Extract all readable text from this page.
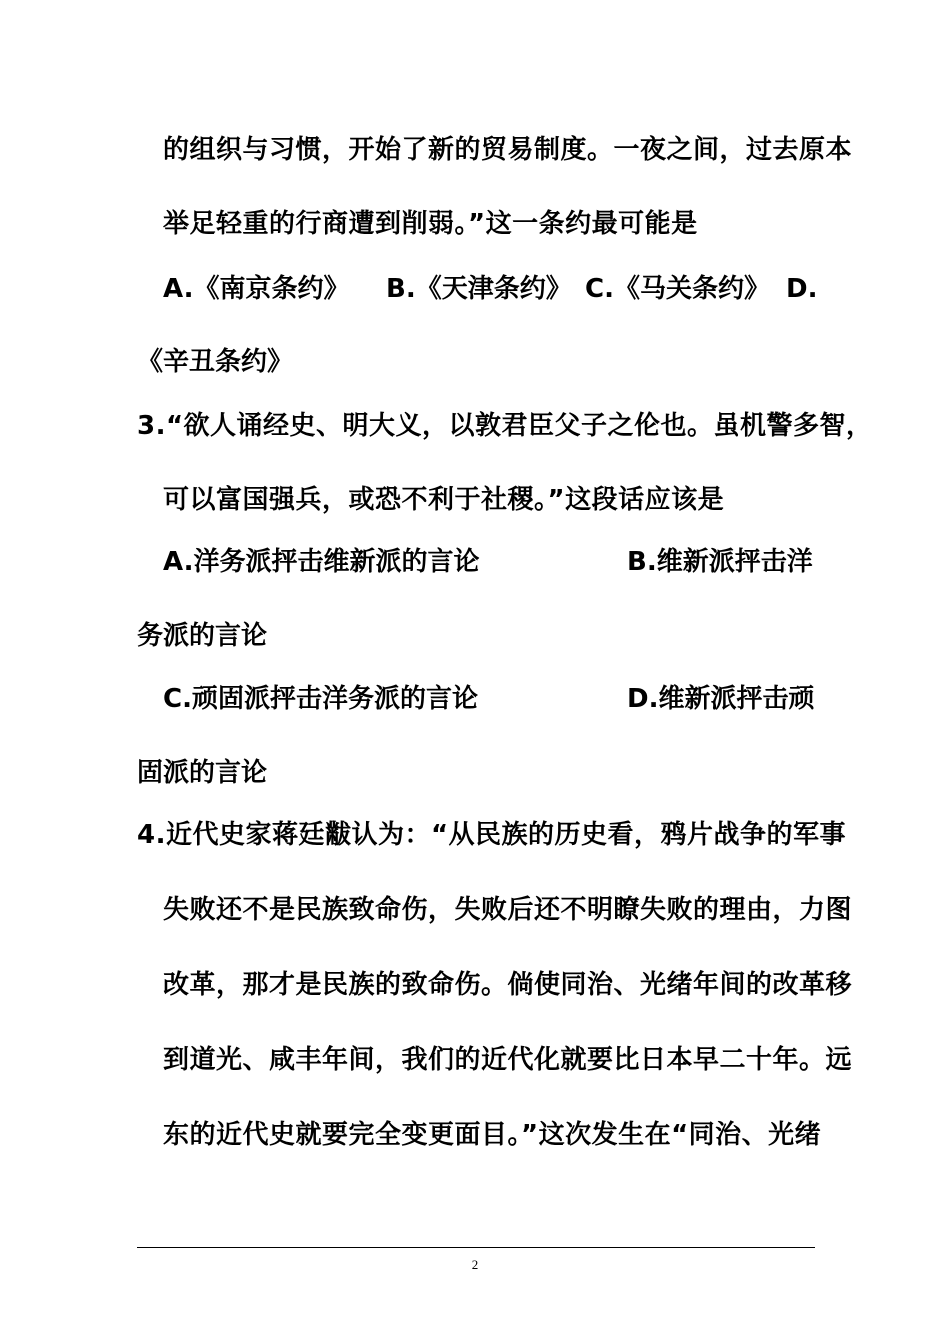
的组织与习惯，开始了新的贸易制度。一夜之间，过去原本
举足轻重的行商遭到削弱。”这一条约最可能是
A.《南京条约》 B.《天津条约》 C.《马关条约》 D.
《辛丑条约》
3.“欲人诵经史、明大义，以敦君臣父子之伦也。虽机警多智，
可以富国强兵，或恐不利于社稷。”这段话应该是
A.洋务派抨击维新派的言论	B.维新派抨击洋
务派的言论
C.顽固派抨击洋务派的言论	D.维新派抨击顽
固派的言论
4.近代史家蒋廷黻认为：“从民族的历史看，鸦片战争的军事
失败还不是民族致命伤，失败后还不明瞭失败的理由，力图
改革，那才是民族的致命伤。倘使同治、光绪年间的改革移
到道光、咸丰年间，我们的近代化就要比日本早二十年。远
东的近代史就要完全变更面目。”这次发生在“同治、光绪
2
